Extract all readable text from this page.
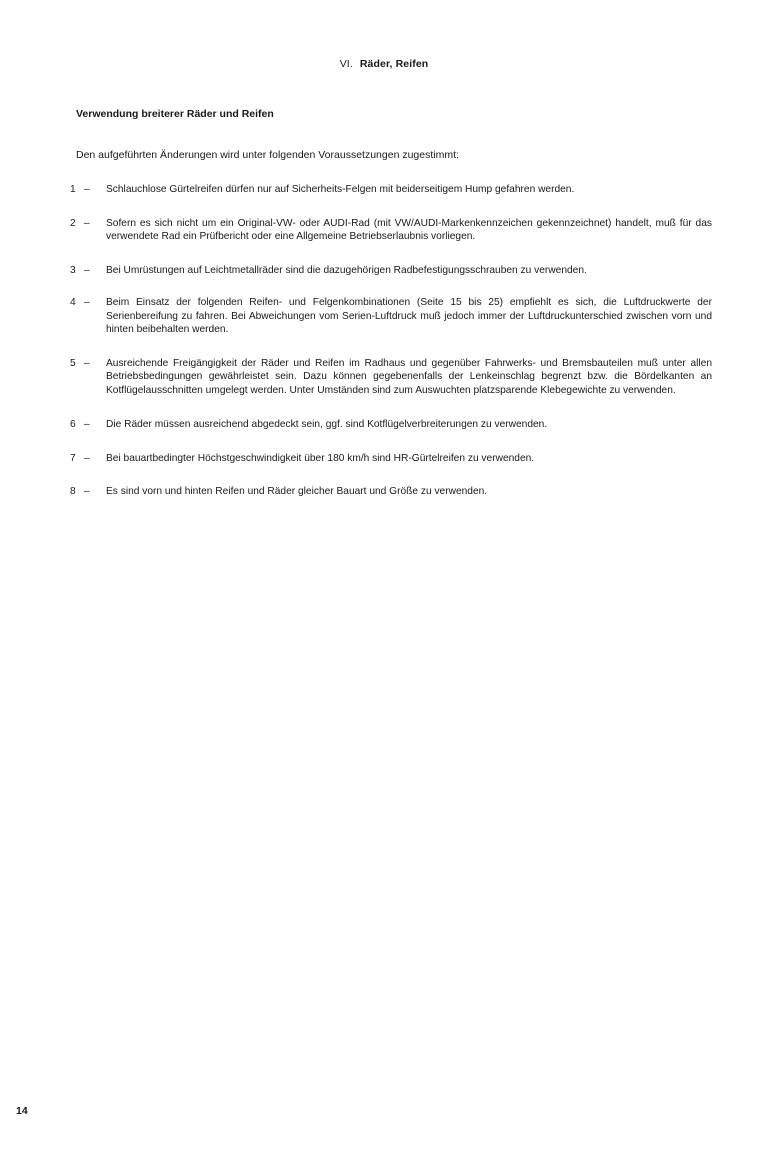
VI. Räder, Reifen
Verwendung breiterer Räder und Reifen
Den aufgeführten Änderungen wird unter folgenden Voraussetzungen zugestimmt:
1 –	Schlauchlose Gürtelreifen dürfen nur auf Sicherheits-Felgen mit beiderseitigem Hump gefahren werden.
2 –	Sofern es sich nicht um ein Original-VW- oder AUDI-Rad (mit VW/AUDI-Markenkennzeichen gekennzeichnet) handelt, muß für das verwendete Rad ein Prüfbericht oder eine Allgemeine Betriebserlaubnis vorliegen.
3 –	Bei Umrüstungen auf Leichtmetallräder sind die dazugehörigen Radbefestigungsschrauben zu verwenden.
4 –	Beim Einsatz der folgenden Reifen- und Felgenkombinationen (Seite 15 bis 25) empfiehlt es sich, die Luftdruckwerte der Serienbereifung zu fahren. Bei Abweichungen vom Serien-Luftdruck muß jedoch immer der Luftdruckunterschied zwischen vorn und hinten beibehalten werden.
5 –	Ausreichende Freigängigkeit der Räder und Reifen im Radhaus und gegenüber Fahrwerks- und Bremsbauteilen muß unter allen Betriebsbedingungen gewährleistet sein. Dazu können gegebenenfalls der Lenkeinschlag begrenzt bzw. die Bördelkanten an Kotflügelausschnitten umgelegt werden. Unter Umständen sind zum Auswuchten platzsparende Klebegewichte zu verwenden.
6 –	Die Räder müssen ausreichend abgedeckt sein, ggf. sind Kotflügelverbreiterungen zu verwenden.
7 –	Bei bauartbedingter Höchstgeschwindigkeit über 180 km/h sind HR-Gürtelreifen zu verwenden.
8 –	Es sind vorn und hinten Reifen und Räder gleicher Bauart und Größe zu verwenden.
14
